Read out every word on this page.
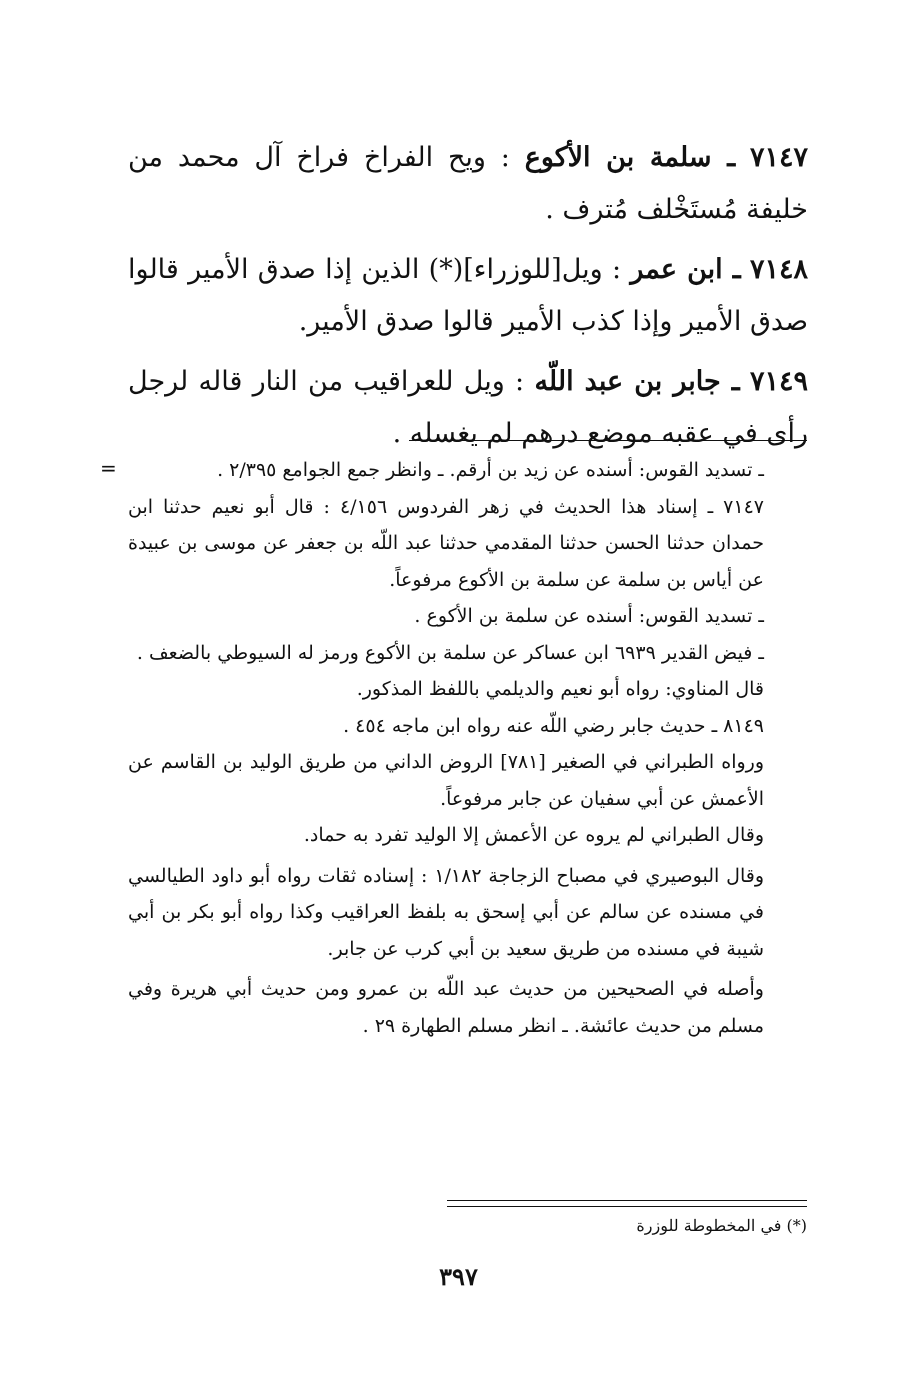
٧١٤٧ ـ سلمة بن الأكوع : ويح الفراخ فراخ آل محمد من خليفة مُستَخْلف مُترف .
٧١٤٨ ـ ابن عمر : ويل[للوزراء](*) الذين إذا صدق الأمير قالوا صدق الأمير وإذا كذب الأمير قالوا صدق الأمير.
٧١٤٩ ـ جابر بن عبد اللّه : ويل للعراقيب من النار قاله لرجل رأى في عقبه موضع درهم لم يغسله .
=	ـ تسديد القوس: أسنده عن زيد بن أرقم. ـ وانظر جمع الجوامع ٢/٣٩٥ .

٧١٤٧ ـ إسناد هذا الحديث في زهر الفردوس ٤/١٥٦ : قال أبو نعيم حدثنا ابن حمدان حدثنا الحسن حدثنا المقدمي حدثنا عبد اللّه بن جعفر عن موسى بن عبيدة عن أياس بن سلمة عن سلمة بن الأكوع مرفوعاً.

ـ تسديد القوس: أسنده عن سلمة بن الأكوع .

ـ فيض القدير ٦٩٣٩ ابن عساكر عن سلمة بن الأكوع ورمز له السيوطي بالضعف .

قال المناوي: رواه أبو نعيم والديلمي باللفظ المذكور.

٨١٤٩ ـ حديث جابر رضي اللّه عنه رواه ابن ماجه ٤٥٤ .

ورواه الطبراني في الصغير [٧٨١] الروض الداني من طريق الوليد بن القاسم عن الأعمش عن أبي سفيان عن جابر مرفوعاً.

وقال الطبراني لم يروه عن الأعمش إلا الوليد تفرد به حماد.

وقال البوصيري في مصباح الزجاجة ١/١٨٢ : إسناده ثقات رواه أبو داود الطيالسي في مسنده عن سالم عن أبي إسحق به بلفظ العراقيب وكذا رواه أبو بكر بن أبي شيبة في مسنده من طريق سعيد بن أبي كرب عن جابر.

وأصله في الصحيحين من حديث عبد اللّه بن عمرو ومن حديث أبي هريرة وفي مسلم من حديث عائشة. ـ انظر مسلم الطهارة ٢٩ .

(*) في المخطوطة للوزرة
٣٩٧
